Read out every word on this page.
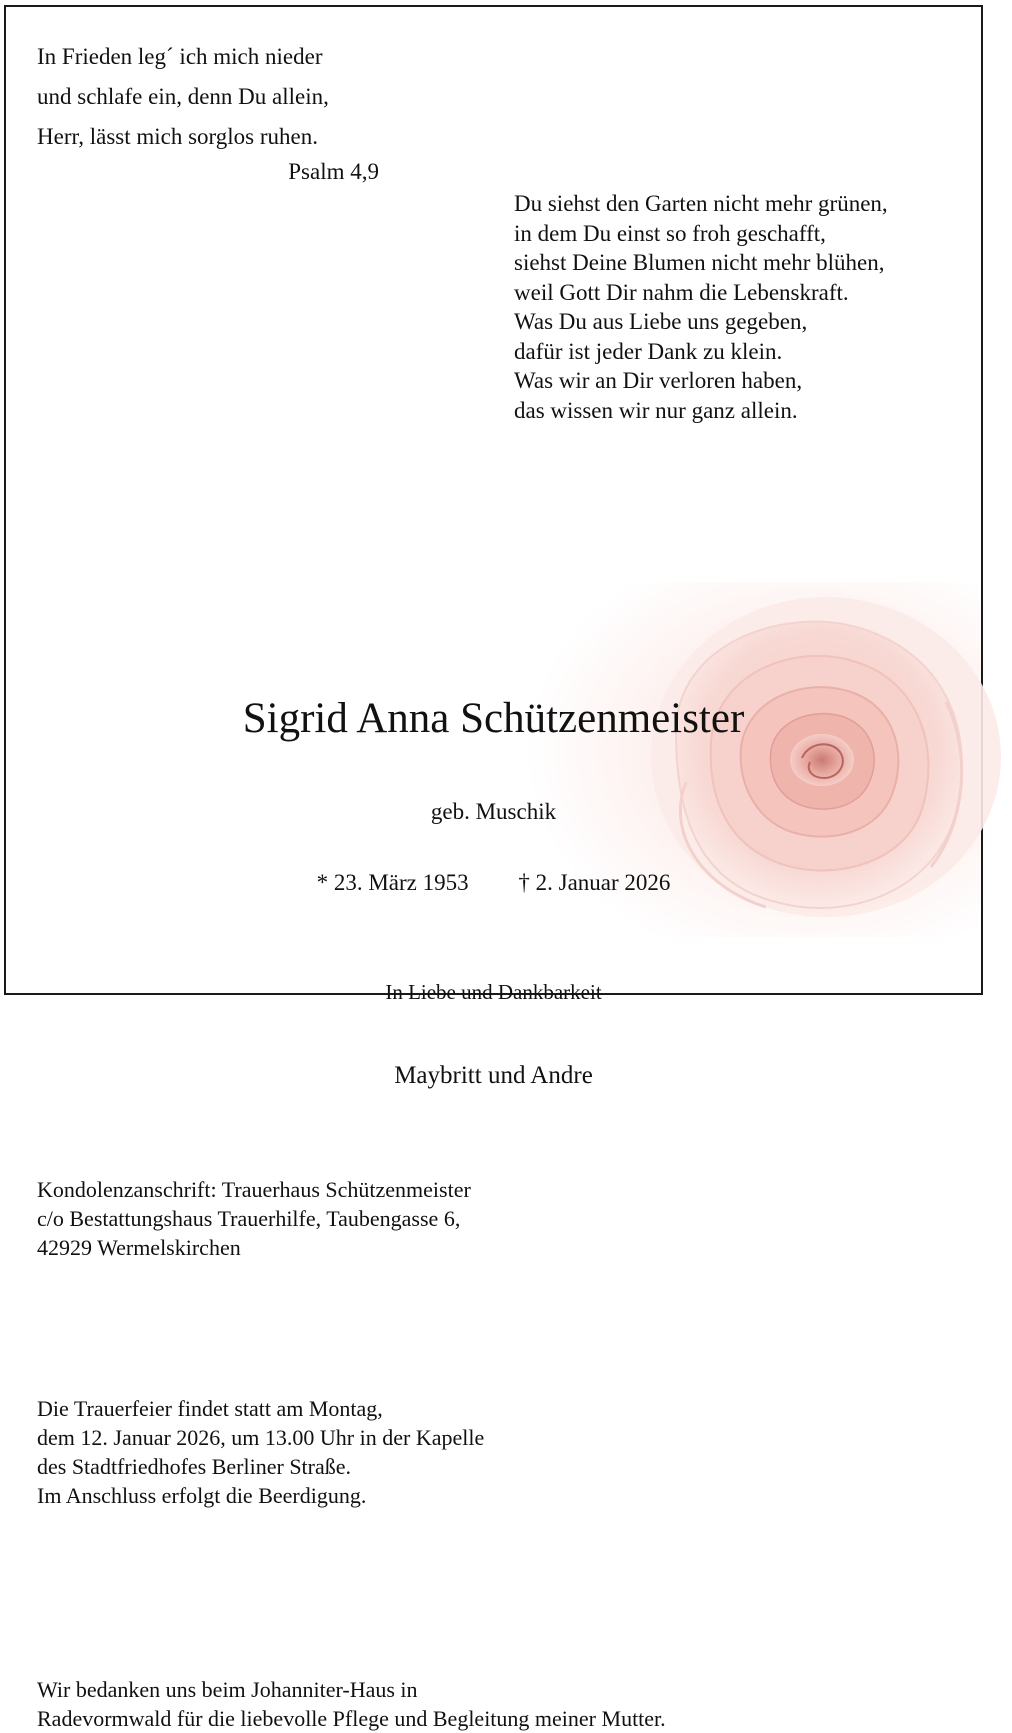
In Frieden leg´ ich mich nieder
und schlafe ein, denn Du allein,
Herr, lässt mich sorglos ruhen.
Psalm 4,9
Du siehst den Garten nicht mehr grünen,
in dem Du einst so froh geschafft,
siehst Deine Blumen nicht mehr blühen,
weil Gott Dir nahm die Lebenskraft.
Was Du aus Liebe uns gegeben,
dafür ist jeder Dank zu klein.
Was wir an Dir verloren haben,
das wissen wir nur ganz allein.
Sigrid Anna Schützenmeister
geb. Muschik
* 23. März 1953 † 2. Januar 2026
In Liebe und Dankbarkeit
Maybritt und Andre
Kondolenzanschrift: Trauerhaus Schützenmeister
c/o Bestattungshaus Trauerhilfe, Taubengasse 6,
42929 Wermelskirchen
Die Trauerfeier findet statt am Montag,
dem 12. Januar 2026, um 13.00 Uhr in der Kapelle
des Stadtfriedhofes Berliner Straße.
Im Anschluss erfolgt die Beerdigung.
Wir bedanken uns beim Johanniter-Haus in
Radevormwald für die liebevolle Pflege und Begleitung meiner Mutter.
